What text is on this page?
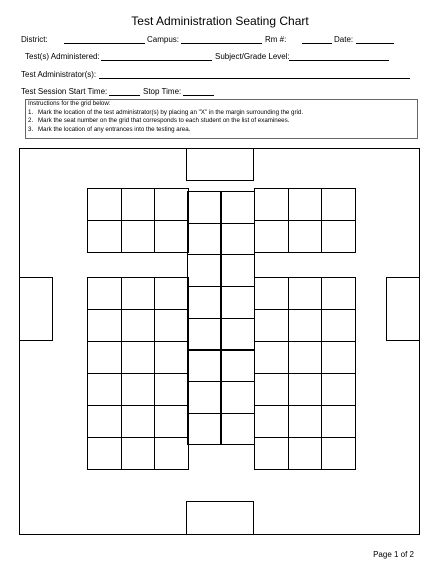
Test Administration Seating Chart
District:	Campus:	Rm #:	Date:
Test(s) Administered:	Subject/Grade Level:
Test Administrator(s):
Test Session Start Time:	Stop Time:
Instructions for the grid below:
1. Mark the location of the test administrator(s) by placing an "X" in the margin surrounding the grid.
2. Mark the seat number on the grid that corresponds to each student on the list of examinees.
3. Mark the location of any entrances into the testing area.
Page 1 of 2
